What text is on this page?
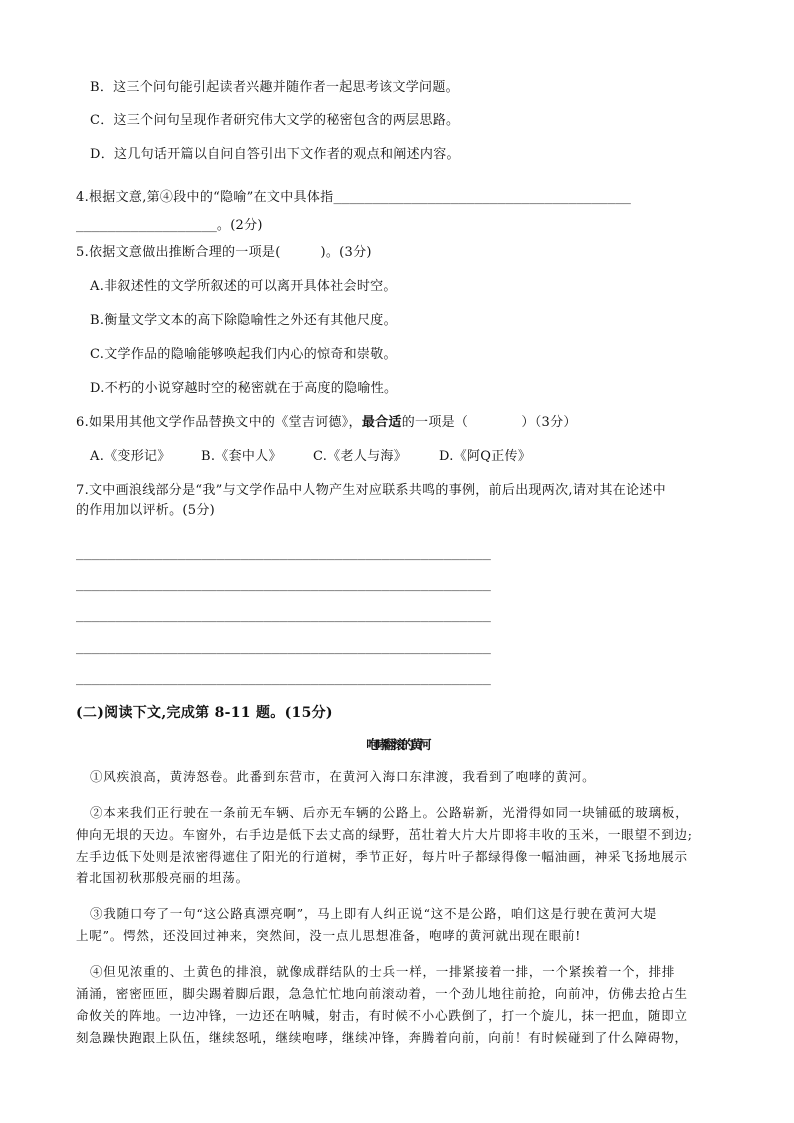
B．这三个问句能引起读者兴趣并随作者一起思考该文学问题。
C．这三个问句呈现作者研究伟大文学的秘密包含的两层思路。
D．这几句话开篇以自问自答引出下文作者的观点和阐述内容。
4.根据文意,第④段中的“隐喻”在文中具体指______________________________________
__________________。(2分)
5.依据文意做出推断合理的一项是(　　　)。(3分)
A.非叙述性的文学所叙述的可以离开具体社会时空。
B.衡量文学文本的高下除隐喻性之外还有其他尺度。
C.文学作品的隐喻能够唤起我们内心的惊奇和崇敬。
D.不朽的小说穿越时空的秘密就在于高度的隐喻性。
6.如果用其他文学作品替换文中的《堂吉诃德》，最合适的一项是（　　　　）（3分）
A.《变形记》 B.《套中人》 C.《老人与海》 D.《阿Q正传》
7.文中画浪线部分是“我”与文学作品中人物产生对应联系共鸣的事例，前后出现两次,请对其在论述中
的作用加以评析。(5分)
_____________________________________________________
_____________________________________________________
_____________________________________________________
_____________________________________________________
_____________________________________________________
(二)阅读下文,完成第 8-11 题。(15分)
咆哮翻滚的黄河
①风疾浪高，黄涛怒卷。此番到东营市，在黄河入海口东津渡，我看到了咆哮的黄河。
②本来我们正行驶在一条前无车辆、后亦无车辆的公路上。公路崭新，光滑得如同一块铺砥的玻璃板，
伸向无垠的天边。车窗外，右手边是低下去丈高的绿野，茁壮着大片大片即将丰收的玉米，一眼望不到边;
左手边低下处则是浓密得遮住了阳光的行道树，季节正好，每片叶子都绿得像一幅油画，神采飞扬地展示
着北国初秋那般亮丽的坦荡。
③我随口夸了一句“这公路真漂亮啊”，马上即有人纠正说“这不是公路，咱们这是行驶在黄河大堤
上呢”。愕然，还没回过神来，突然间，没一点儿思想准备，咆哮的黄河就出现在眼前!
④但见浓重的、土黄色的排浪，就像成群结队的士兵一样，一排紧接着一排，一个紧挨着一个，排排
涌涌，密密匝匝，脚尖踢着脚后跟，急急忙忙地向前滚动着，一个劲儿地往前抢，向前冲，仿佛去抢占生
命攸关的阵地。一边冲锋，一边还在呐喊，射击，有时候不小心跌倒了，打一个旋儿，抹一把血，随即立
刻急躁快跑跟上队伍，继续怒吼，继续咆哮，继续冲锋，奔腾着向前，向前！有时候碰到了什么障碍物，
